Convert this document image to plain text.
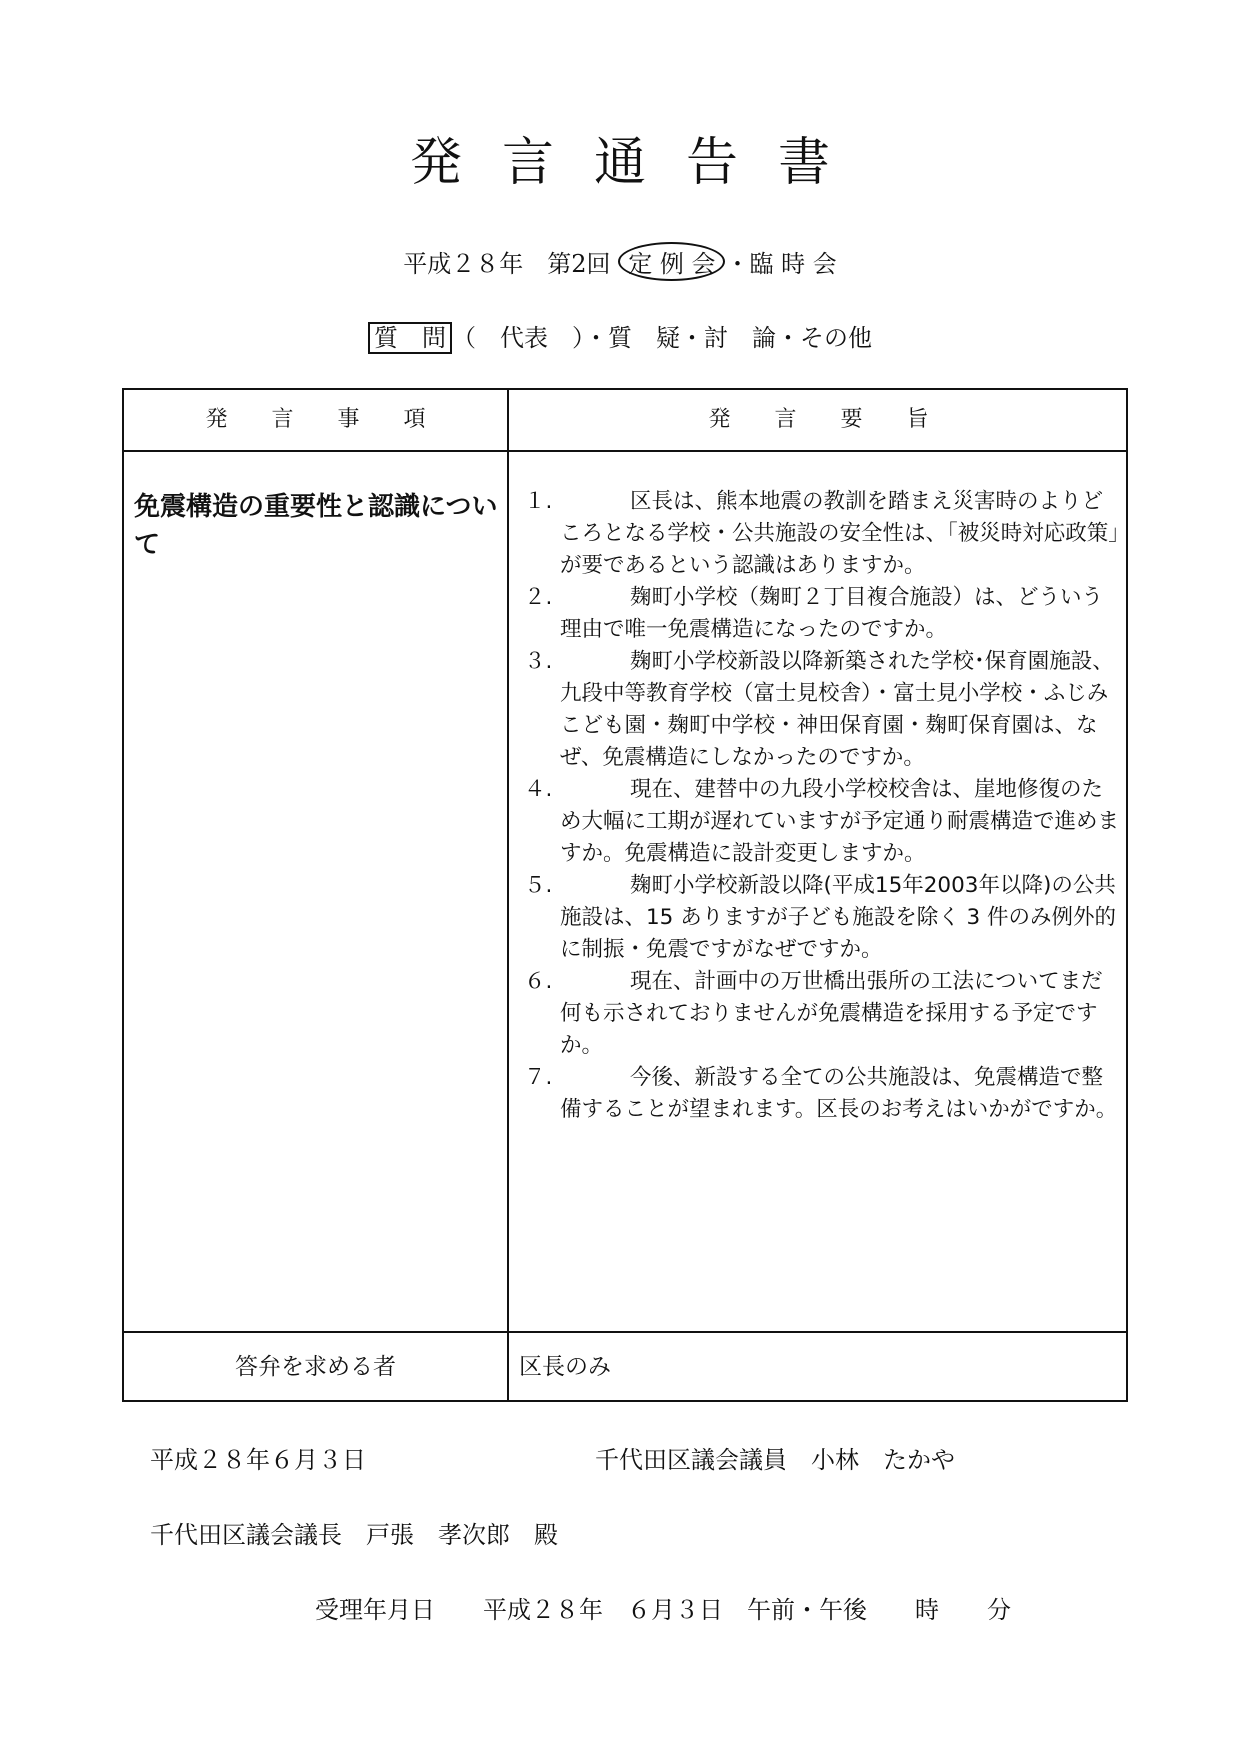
発言通告書
平成２８年　第2回 定 例 会 ・臨 時 会
質　問 （　代表　）・質　疑・討　論・その他
発　　言　　事　　項	発　　言　　要　　旨
免震構造の重要性と認識について
１.	区長は、熊本地震の教訓を踏まえ災害時のよりどころとなる学校・公共施設の安全性は、「被災時対応政策」が要であるという認識はありますか。
２.	麹町小学校（麹町２丁目複合施設）は、どういう理由で唯一免震構造になったのですか。
３.	麹町小学校新設以降新築された学校･保育園施設、九段中等教育学校（富士見校舎）・富士見小学校・ふじみこども園・麹町中学校・神田保育園・麹町保育園は、なぜ、免震構造にしなかったのですか。
４.	現在、建替中の九段小学校校舎は、崖地修復のため大幅に工期が遅れていますが予定通り耐震構造で進めますか。免震構造に設計変更しますか。
５.	麹町小学校新設以降(平成15年2003年以降)の公共施設は、15 ありますが子ども施設を除く 3 件のみ例外的に制振・免震ですがなぜですか。
６.	現在、計画中の万世橋出張所の工法についてまだ何も示されておりませんが免震構造を採用する予定ですか。
７.	今後、新設する全ての公共施設は、免震構造で整備することが望まれます。区長のお考えはいかがですか。
答弁を求める者	区長のみ
平成２８年６月３日	千代田区議会議員　小林　たかや
千代田区議会議長　戸張　孝次郎　殿
受理年月日　　平成２８年　６月３日　午前・午後　　時　　分
